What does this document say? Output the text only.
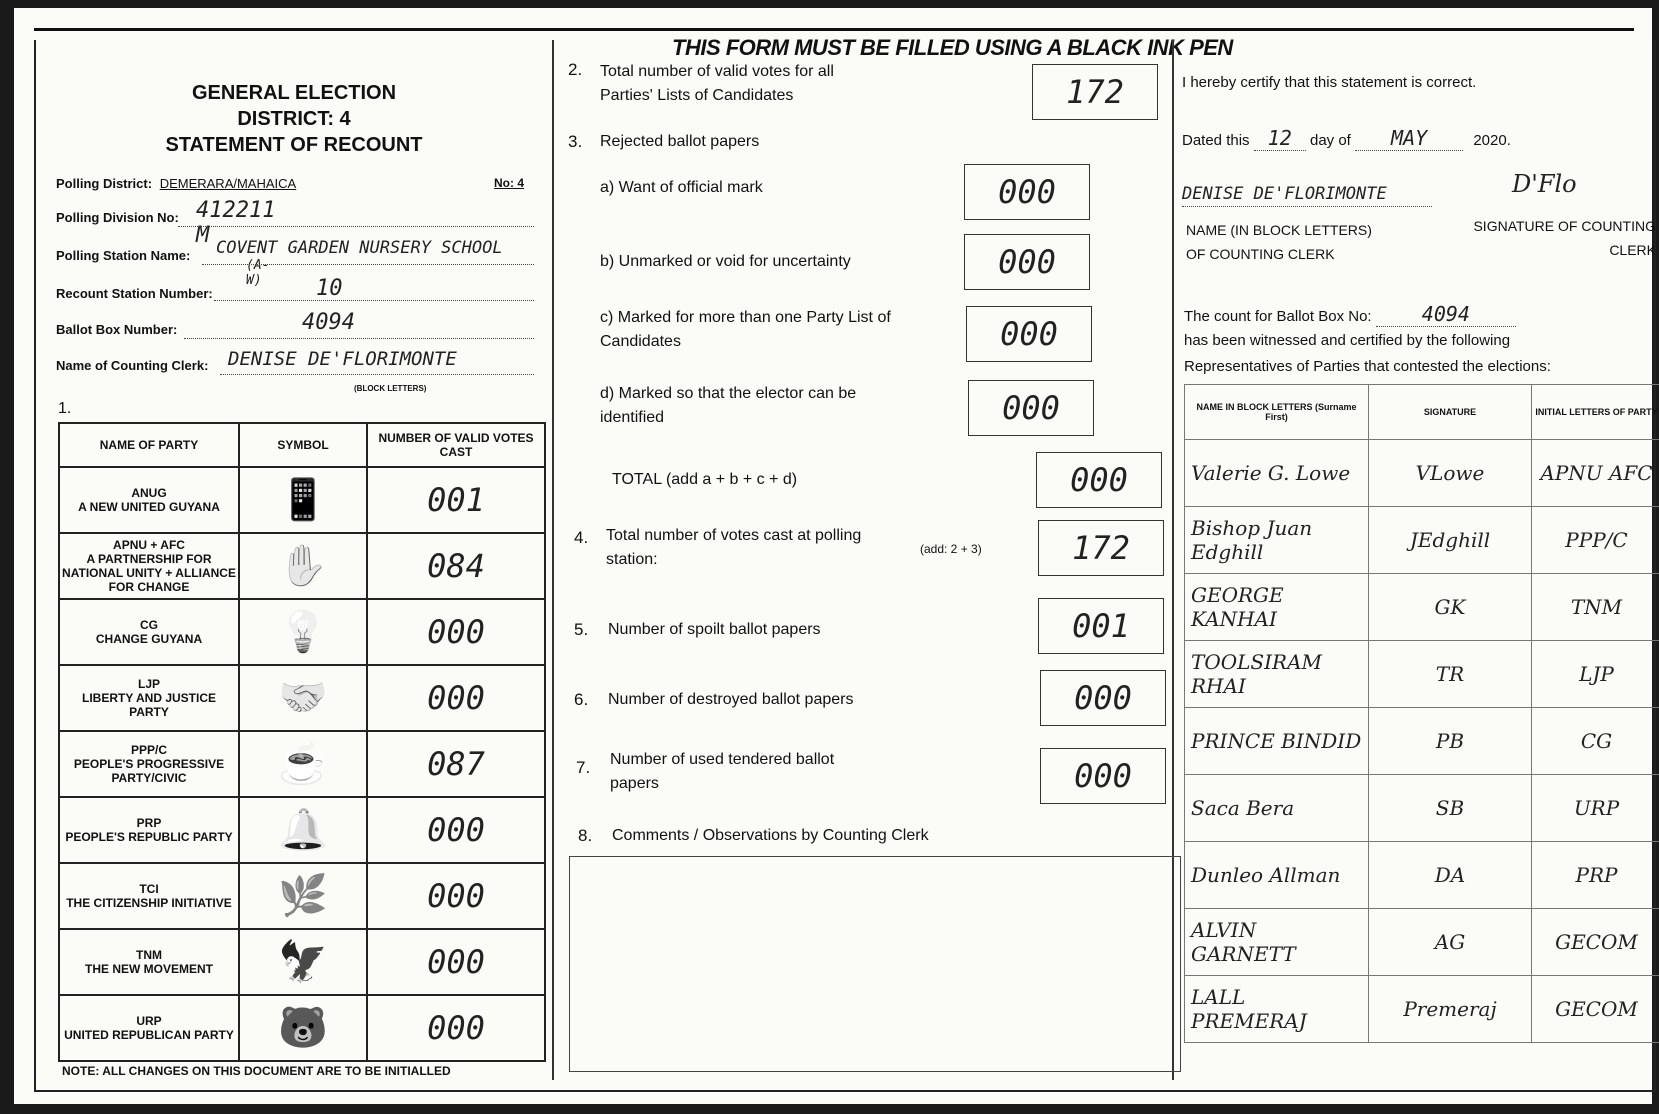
THIS FORM MUST BE FILLED USING A BLACK INK PEN
GENERAL ELECTION
DISTRICT: 4
STATEMENT OF RECOUNT
Polling District: DEMERARA/MAHAICA	No: 4
Polling Division No: 412211 M
Polling Station Name: COVENT GARDEN NURSERY SCHOOL
(A-W)
Recount Station Number:	10
Ballot Box Number:	4094
Name of Counting Clerk: DENISE DE'FLORIMONTE
(BLOCK LETTERS)
1.
NAME OF PARTY	SYMBOL	NUMBER OF VALID VOTES CAST

ANUG
A NEW UNITED GUYANA	📱	001

APNU + AFC
A PARTNERSHIP FOR NATIONAL UNITY + ALLIANCE FOR CHANGE	✋	084

CG
CHANGE GUYANA	💡	000

LJP
LIBERTY AND JUSTICE PARTY	🤝	000

PPP/C
PEOPLE'S PROGRESSIVE PARTY/CIVIC	☕	087

PRP
PEOPLE'S REPUBLIC PARTY	🔔	000

TCI
THE CITIZENSHIP INITIATIVE	🌿	000

TNM
THE NEW MOVEMENT	🦅	000

URP
UNITED REPUBLICAN PARTY	🐻	000
NOTE: ALL CHANGES ON THIS DOCUMENT ARE TO BE INITIALLED
2. Total number of valid votes for all
Parties' Lists of Candidates	172
3. Rejected ballot papers
a) Want of official mark	000
b) Unmarked or void for uncertainty	000
c) Marked for more than one Party List of
Candidates	000
d) Marked so that the elector can be
identified	000
TOTAL (add a + b + c + d)	000
4. Total number of votes cast at polling
station:
(add: 2 + 3)	172
5. Number of spoilt ballot papers	001
6. Number of destroyed ballot papers	000
7. Number of used tendered ballot
papers	000
8. Comments / Observations by Counting Clerk
I hereby certify that this statement is correct.
Dated this 12 day of MAY	2020.
DENISE DE'FLORIMONTE	D'Flo
NAME (IN BLOCK LETTERS)
OF COUNTING CLERK
SIGNATURE OF COUNTING
CLERK
The count for Ballot Box No:	4094
has been witnessed and certified by the following
Representatives of Parties that contested the elections:
NAME IN BLOCK LETTERS (Surname First)	SIGNATURE	INITIAL LETTERS OF PARTY
Valerie G. Lowe	VLowe	APNU AFC
Bishop Juan Edghill	JEdghill	PPP/C
GEORGE KANHAI	GK	TNM
TOOLSIRAM RHAI	TR	LJP
PRINCE BINDID	PB	CG
Saca Bera	SB	URP
Dunleo Allman	DA	PRP
ALVIN GARNETT	AG	GECOM
LALL PREMERAJ	Premeraj	GECOM
